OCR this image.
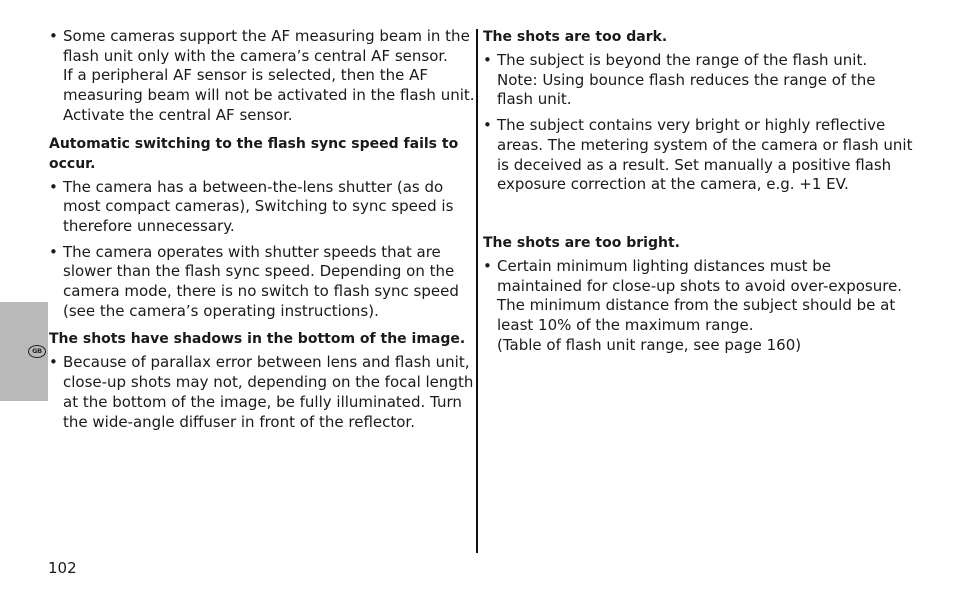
GB
• Some cameras support the AF measuring beam in the
flash unit only with the camera’s central AF sensor.
If a peripheral AF sensor is selected, then the AF
measuring beam will not be activated in the flash unit.
Activate the central AF sensor.
Automatic switching to the flash sync speed fails to
occur.
• The camera has a between-the-lens shutter (as do
most compact cameras), Switching to sync speed is
therefore unnecessary.
• The camera operates with shutter speeds that are
slower than the flash sync speed. Depending on the
camera mode, there is no switch to flash sync speed
(see the camera’s operating instructions).
The shots have shadows in the bottom of the image.
• Because of parallax error between lens and flash unit,
close-up shots may not, depending on the focal length
at the bottom of the image, be fully illuminated. Turn
the wide-angle diffuser in front of the reflector.
The shots are too dark.
• The subject is beyond the range of the flash unit.
Note: Using bounce flash reduces the range of the
flash unit.
• The subject contains very bright or highly reflective
areas. The metering system of the camera or flash unit
is deceived as a result. Set manually a positive flash
exposure correction at the camera, e.g. +1 EV.
The shots are too bright.
• Certain minimum lighting distances must be
maintained for close-up shots to avoid over-exposure.
The minimum distance from the subject should be at
least 10% of the maximum range.
(Table of flash unit range, see page 160)
102
